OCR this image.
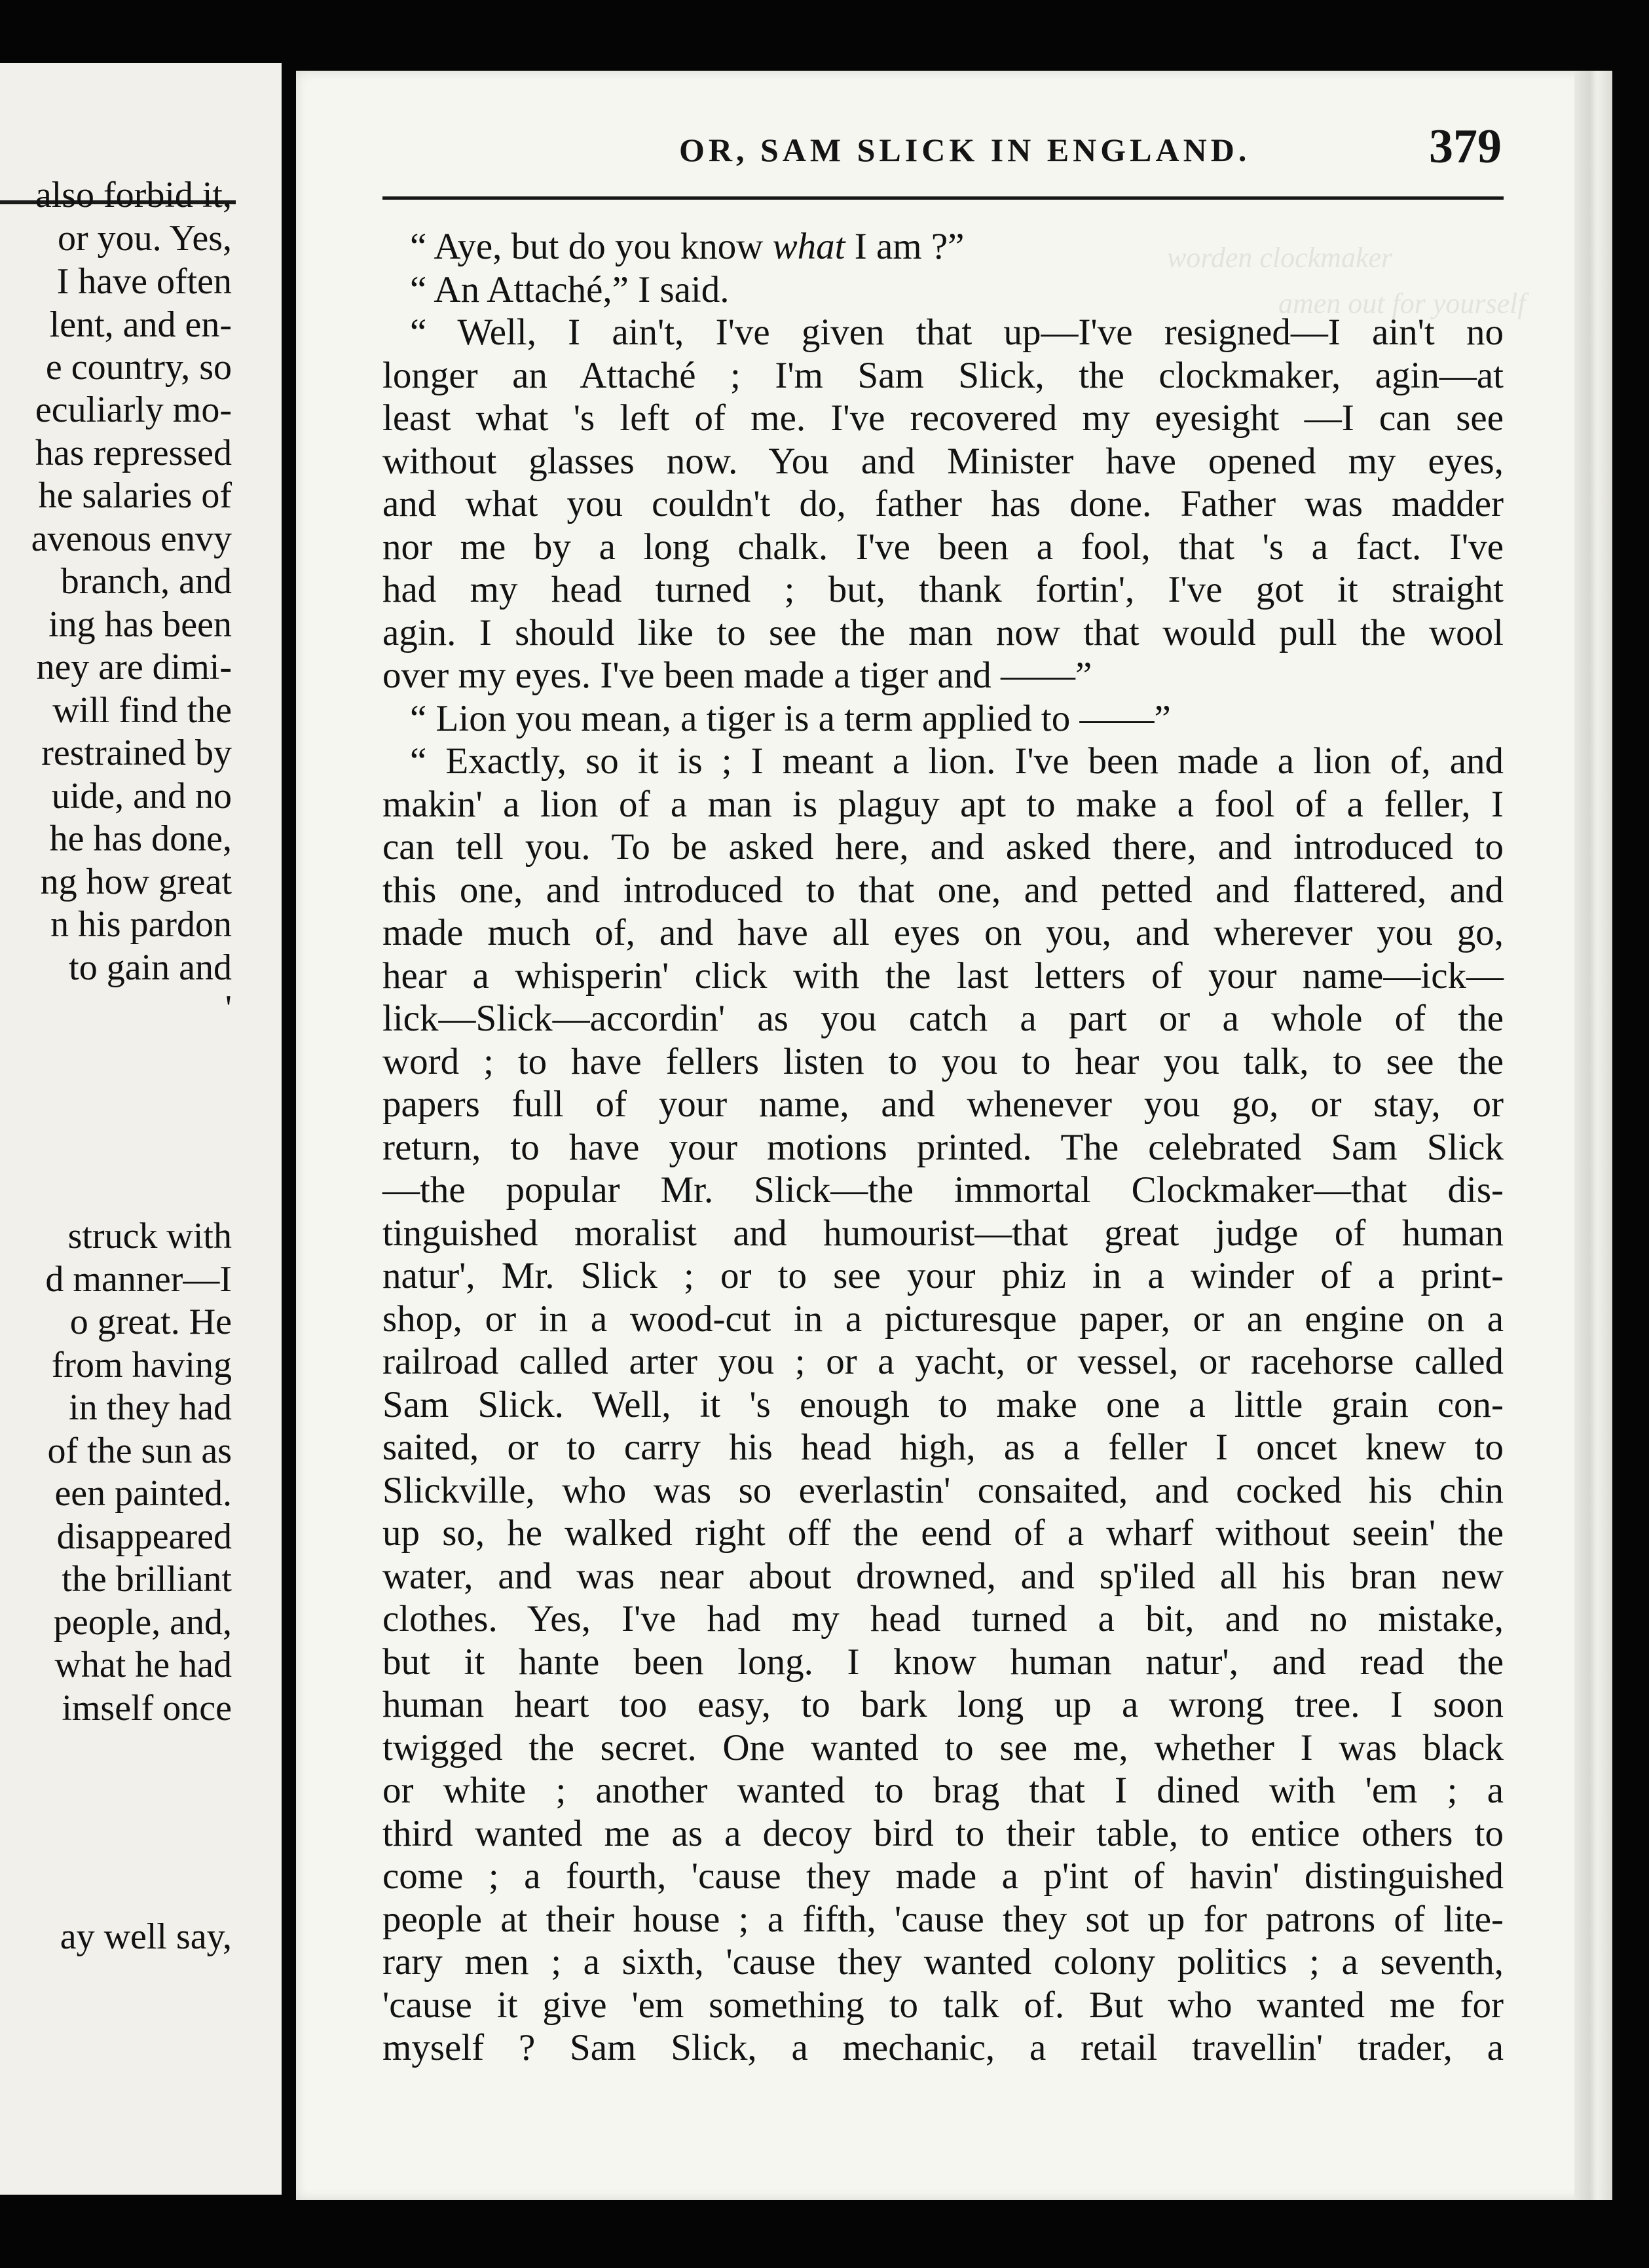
also forbid it,
or you. Yes,
I have often
lent, and en-
e country, so
eculiarly mo-
has repressed
he salaries of
avenous envy
branch, and
ing has been
ney are dimi-
will find the
restrained by
uide, and no
he has done,
ng how great
n his pardon
to gain and
'
struck with
d manner—I
o great. He
from having
in they had
of the sun as
een painted.
disappeared
the brilliant
people, and,
what he had
imself once
ay well say,
worden clockmaker
amen out for yourself
OR, SAM SLICK IN ENGLAND.	379
“ Aye, but do you know what I am ?”
“ An Attaché,” I said.
“ Well, I ain't, I've given that up—I've resigned—I ain't no
longer an Attaché ; I'm Sam Slick, the clockmaker, agin—at
least what 's left of me. I've recovered my eyesight —I can see
without glasses now. You and Minister have opened my eyes,
and what you couldn't do, father has done. Father was madder
nor me by a long chalk. I've been a fool, that 's a fact. I've
had my head turned ; but, thank fortin', I've got it straight
agin. I should like to see the man now that would pull the wool
over my eyes. I've been made a tiger and ——”
“ Lion you mean, a tiger is a term applied to ——”
“ Exactly, so it is ; I meant a lion. I've been made a lion of, and
makin' a lion of a man is plaguy apt to make a fool of a feller, I
can tell you. To be asked here, and asked there, and introduced to
this one, and introduced to that one, and petted and flattered, and
made much of, and have all eyes on you, and wherever you go,
hear a whisperin' click with the last letters of your name—ick—
lick—Slick—accordin' as you catch a part or a whole of the
word ; to have fellers listen to you to hear you talk, to see the
papers full of your name, and whenever you go, or stay, or
return, to have your motions printed. The celebrated Sam Slick
—the popular Mr. Slick—the immortal Clockmaker—that dis-
tinguished moralist and humourist—that great judge of human
natur', Mr. Slick ; or to see your phiz in a winder of a print-
shop, or in a wood-cut in a picturesque paper, or an engine on a
railroad called arter you ; or a yacht, or vessel, or racehorse called
Sam Slick. Well, it 's enough to make one a little grain con-
saited, or to carry his head high, as a feller I oncet knew to
Slickville, who was so everlastin' consaited, and cocked his chin
up so, he walked right off the eend of a wharf without seein' the
water, and was near about drowned, and sp'iled all his bran new
clothes. Yes, I've had my head turned a bit, and no mistake,
but it hante been long. I know human natur', and read the
human heart too easy, to bark long up a wrong tree. I soon
twigged the secret. One wanted to see me, whether I was black
or white ; another wanted to brag that I dined with 'em ; a
third wanted me as a decoy bird to their table, to entice others to
come ; a fourth, 'cause they made a p'int of havin' distinguished
people at their house ; a fifth, 'cause they sot up for patrons of lite-
rary men ; a sixth, 'cause they wanted colony politics ; a seventh,
'cause it give 'em something to talk of. But who wanted me for
myself ? Sam Slick, a mechanic, a retail travellin' trader, a
